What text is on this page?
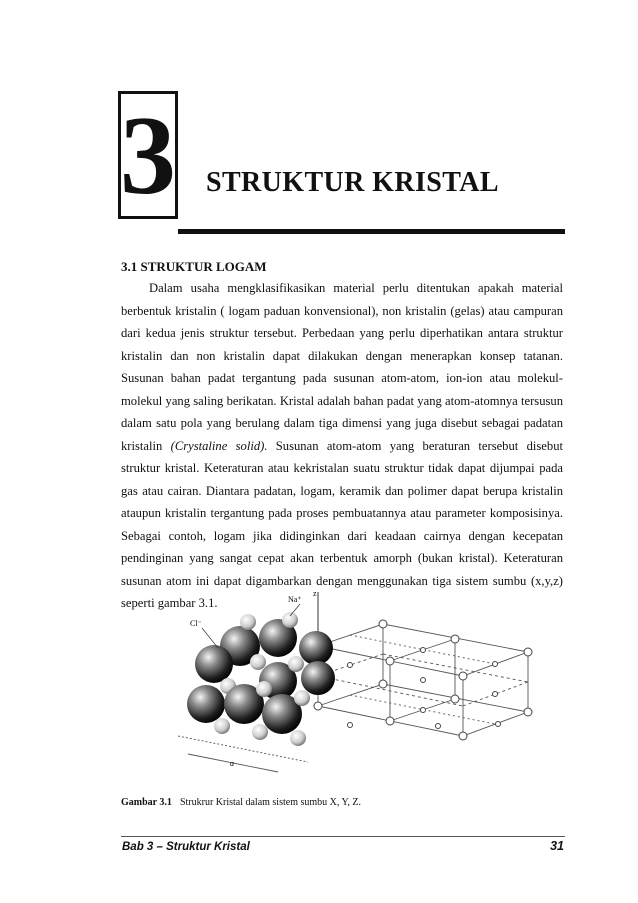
3 STRUKTUR KRISTAL
3.1 STRUKTUR LOGAM

Dalam usaha mengklasifikasikan material perlu ditentukan apakah material berbentuk kristalin ( logam paduan konvensional), non kristalin (gelas) atau campuran dari kedua jenis struktur tersebut. Perbedaan yang perlu diperhatikan antara struktur kristalin dan non kristalin dapat dilakukan dengan menerapkan konsep tatanan. Susunan bahan padat tergantung pada susunan atom-atom, ion-ion atau molekul-molekul yang saling berikatan. Kristal adalah bahan padat yang atom-atomnya tersusun dalam satu pola yang berulang dalam tiga dimensi yang juga disebut sebagai padatan kristalin (Crystaline solid). Susunan atom-atom yang beraturan tersebut disebut struktur kristal. Keteraturan atau kekristalan suatu struktur tidak dapat dijumpai pada gas atau cairan. Diantara padatan, logam, keramik dan polimer dapat berupa kristalin ataupun kristalin tergantung pada proses pembuatannya atau parameter komposisinya. Sebagai contoh, logam jika didinginkan dari keadaan cairnya dengan kecepatan pendinginan yang sangat cepat akan terbentuk amorph (bukan kristal). Keteraturan susunan atom ini dapat digambarkan dengan menggunakan tiga sistem sumbu (x,y,z) seperti gambar 3.1.

z
Na⁺
Cl⁻
a
Gambar 3.1 Strukrur Kristal dalam sistem sumbu X, Y, Z.
Bab 3 – Struktur Kristal	31
